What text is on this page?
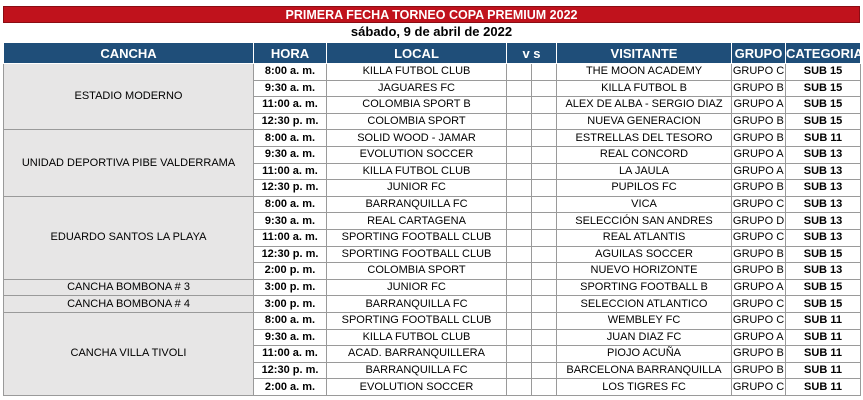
PRIMERA FECHA TORNEO COPA PREMIUM 2022
sábado, 9 de abril de 2022
CANCHA	HORA	LOCAL	v s		VISITANTE	GRUPO	CATEGORIA
ESTADIO MODERNO	8:00 a. m.	KILLA FUTBOL CLUB			THE MOON ACADEMY	GRUPO C	SUB 15
	9:30 a. m.	JAGUARES FC			KILLA FUTBOL B	GRUPO B	SUB 15
	11:00 a. m.	COLOMBIA SPORT B			ALEX DE ALBA - SERGIO DIAZ	GRUPO A	SUB 15
	12:30 p. m.	COLOMBIA SPORT			NUEVA GENERACION	GRUPO B	SUB 15
UNIDAD DEPORTIVA PIBE VALDERRAMA	8:00 a. m.	SOLID WOOD - JAMAR			ESTRELLAS DEL TESORO	GRUPO B	SUB 11
	9:30 a. m.	EVOLUTION SOCCER			REAL CONCORD	GRUPO A	SUB 13
	11:00 a. m.	KILLA FUTBOL CLUB			LA JAULA	GRUPO A	SUB 13
	12:30 p. m.	JUNIOR FC			PUPILOS FC	GRUPO B	SUB 13
EDUARDO SANTOS LA PLAYA	8:00 a. m.	BARRANQUILLA FC			VICA	GRUPO C	SUB 13
	9:30 a. m.	REAL CARTAGENA			SELECCIÓN SAN ANDRES	GRUPO D	SUB 13
	11:00 a. m.	SPORTING FOOTBALL CLUB			REAL ATLANTIS	GRUPO C	SUB 13
	12:30 p. m.	SPORTING FOOTBALL CLUB			AGUILAS SOCCER	GRUPO B	SUB 15
	2:00 p. m.	COLOMBIA SPORT			NUEVO HORIZONTE	GRUPO B	SUB 13
CANCHA BOMBONA # 3	3:00 p. m.	JUNIOR FC			SPORTING FOOTBALL B	GRUPO A	SUB 15
CANCHA BOMBONA # 4	3:00 p. m.	BARRANQUILLA FC			SELECCION ATLANTICO	GRUPO C	SUB 15
CANCHA VILLA TIVOLI	8:00 a. m.	SPORTING FOOTBALL CLUB			WEMBLEY FC	GRUPO C	SUB 11
	9:30 a. m.	KILLA FUTBOL CLUB			JUAN DIAZ FC	GRUPO A	SUB 11
	11:00 a. m.	ACAD. BARRANQUILLERA			PIOJO ACUÑA	GRUPO B	SUB 11
	12:30 p. m.	BARRANQUILLA FC			BARCELONA BARRANQUILLA	GRUPO B	SUB 11
	2:00 a. m.	EVOLUTION SOCCER			LOS TIGRES FC	GRUPO C	SUB 11
